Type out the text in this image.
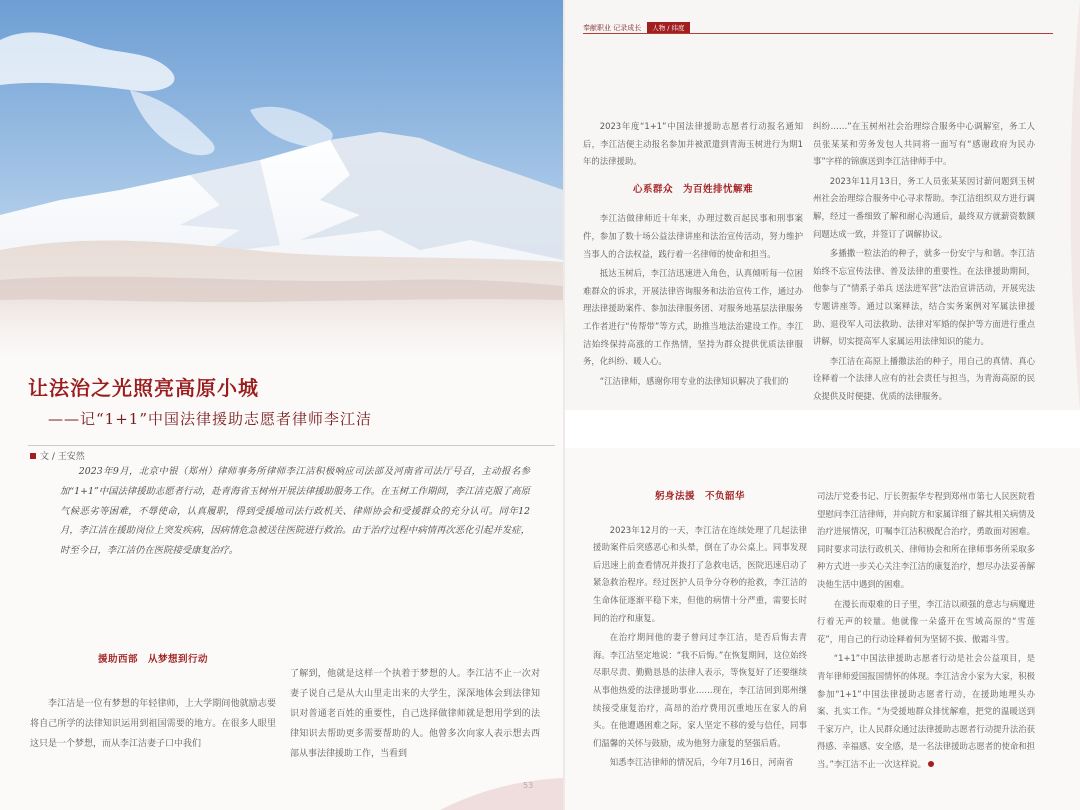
让法治之光照亮高原小城
——记“1+1”中国法律援助志愿者律师李江洁
文 / 王安然

2023年9月，北京中银（郑州）律师事务所律师李江洁积极响应司法部及河南省司法厅号召，主动报名参加“1+1”中国法律援助志愿者行动，赴青海省玉树州开展法律援助服务工作。在玉树工作期间，李江洁克服了高原气候恶劣等困难，不辱使命，认真履职，得到受援地司法行政机关、律师协会和受援群众的充分认可。同年12月，李江洁在援助岗位上突发疾病，因病情危急被送往医院进行救治。由于治疗过程中病情再次恶化引起并发症，时至今日，李江洁仍在医院接受康复治疗。

援助西部　从梦想到行动

李江洁是一位有梦想的年轻律师，上大学期间他就励志要将自己所学的法律知识运用到祖国需要的地方。在很多人眼里这只是一个梦想，而从李江洁妻子口中我们

了解到，他就是这样一个执着于梦想的人。李江洁不止一次对妻子说自己是从大山里走出来的大学生，深深地体会到法律知识对普通老百姓的重要性，自己选择做律师就是想用学到的法律知识去帮助更多需要帮助的人。他曾多次向家人表示想去西部从事法律援助工作，当看到

奉献职业 记录成长	人物 / 纬度

2023年度“1+1”中国法律援助志愿者行动报名通知后，李江洁便主动报名参加并被派遣到青海玉树进行为期1年的法律援助。

心系群众　为百姓排忧解难

李江洁做律师近十年来，办理过数百起民事和刑事案件，参加了数十场公益法律讲座和法治宣传活动，努力维护当事人的合法权益，践行着一名律师的使命和担当。

抵达玉树后，李江洁迅速进入角色，认真倾听每一位困难群众的诉求，开展法律咨询服务和法治宣传工作，通过办理法律援助案件、参加法律服务团、对服务地基层法律服务工作者进行“传帮带”等方式，助推当地法治建设工作。李江洁始终保持高涨的工作热情，坚持为群众提供优质法律服务，化纠纷、暖人心。

“江洁律师，感谢你用专业的法律知识解决了我们的

纠纷……”在玉树州社会治理综合服务中心调解室，务工人员张某某和劳务发包人共同将一面写有“感谢政府为民办事”字样的锦旗送到李江洁律师手中。

2023年11月13日，务工人员张某某因讨薪问题到玉树州社会治理综合服务中心寻求帮助。李江洁组织双方进行调解，经过一番细致了解和耐心沟通后，最终双方就薪资数额问题达成一致，并签订了调解协议。

多播撒一粒法治的种子，就多一份安宁与和谐。李江洁始终不忘宣传法律、普及法律的重要性。在法律援助期间，他参与了“情系子弟兵 送法进军营”法治宣讲活动，开展宪法专题讲座等。通过以案释法，结合实务案例对军属法律援助、退役军人司法救助、法律对军婚的保护等方面进行重点讲解，切实提高军人家属运用法律知识的能力。

李江洁在高原上播撒法治的种子，用自己的真情、真心诠释着一个法律人应有的社会责任与担当，为青海高原的民众提供及时便捷、优质的法律服务。

躬身法援　不负韶华

2023年12月的一天，李江洁在连续处理了几起法律援助案件后突感恶心和头晕，倒在了办公桌上。同事发现后迅速上前查看情况并拨打了急救电话，医院迅速启动了紧急救治程序。经过医护人员争分夺秒的抢救，李江洁的生命体征逐渐平稳下来，但他的病情十分严重，需要长时间的治疗和康复。

在治疗期间他的妻子曾问过李江洁，是否后悔去青海。李江洁坚定地说：“我不后悔。”在恢复期间，这位始终尽职尽责、勤勤恳恳的法律人表示，等恢复好了还要继续从事他热爱的法律援助事业……现在，李江洁回到郑州继续接受康复治疗，高昂的治疗费用沉重地压在家人的肩头。在他遭遇困难之际，家人坚定不移的爱与信任，同事们温馨的关怀与鼓励，成为他努力康复的坚强后盾。

知悉李江洁律师的情况后，今年7月16日，河南省

司法厅党委书记、厅长贺振华专程到郑州市第七人民医院看望慰问李江洁律师，并向院方和家属详细了解其相关病情及治疗进展情况，叮嘱李江洁积极配合治疗，勇敢面对困难。同时要求司法行政机关、律师协会和所在律师事务所采取多种方式进一步关心关注李江洁的康复治疗，想尽办法妥善解决他生活中遇到的困难。

在漫长而艰难的日子里，李江洁以顽强的意志与病魔进行着无声的较量。他就像一朵盛开在雪域高原的“雪莲花”，用自己的行动诠释着何为坚韧不拔、傲霜斗雪。

“1+1”中国法律援助志愿者行动是社会公益项目，是青年律师爱国报国情怀的体现。李江洁舍小家为大家，积极参加“1+1”中国法律援助志愿者行动，在援助地埋头办案、扎实工作。“为受援地群众排忧解难，把党的温暖送到千家万户，让人民群众通过法律援助志愿者行动提升法治获得感、幸福感、安全感，是一名法律援助志愿者的使命和担当。”李江洁不止一次这样说。
